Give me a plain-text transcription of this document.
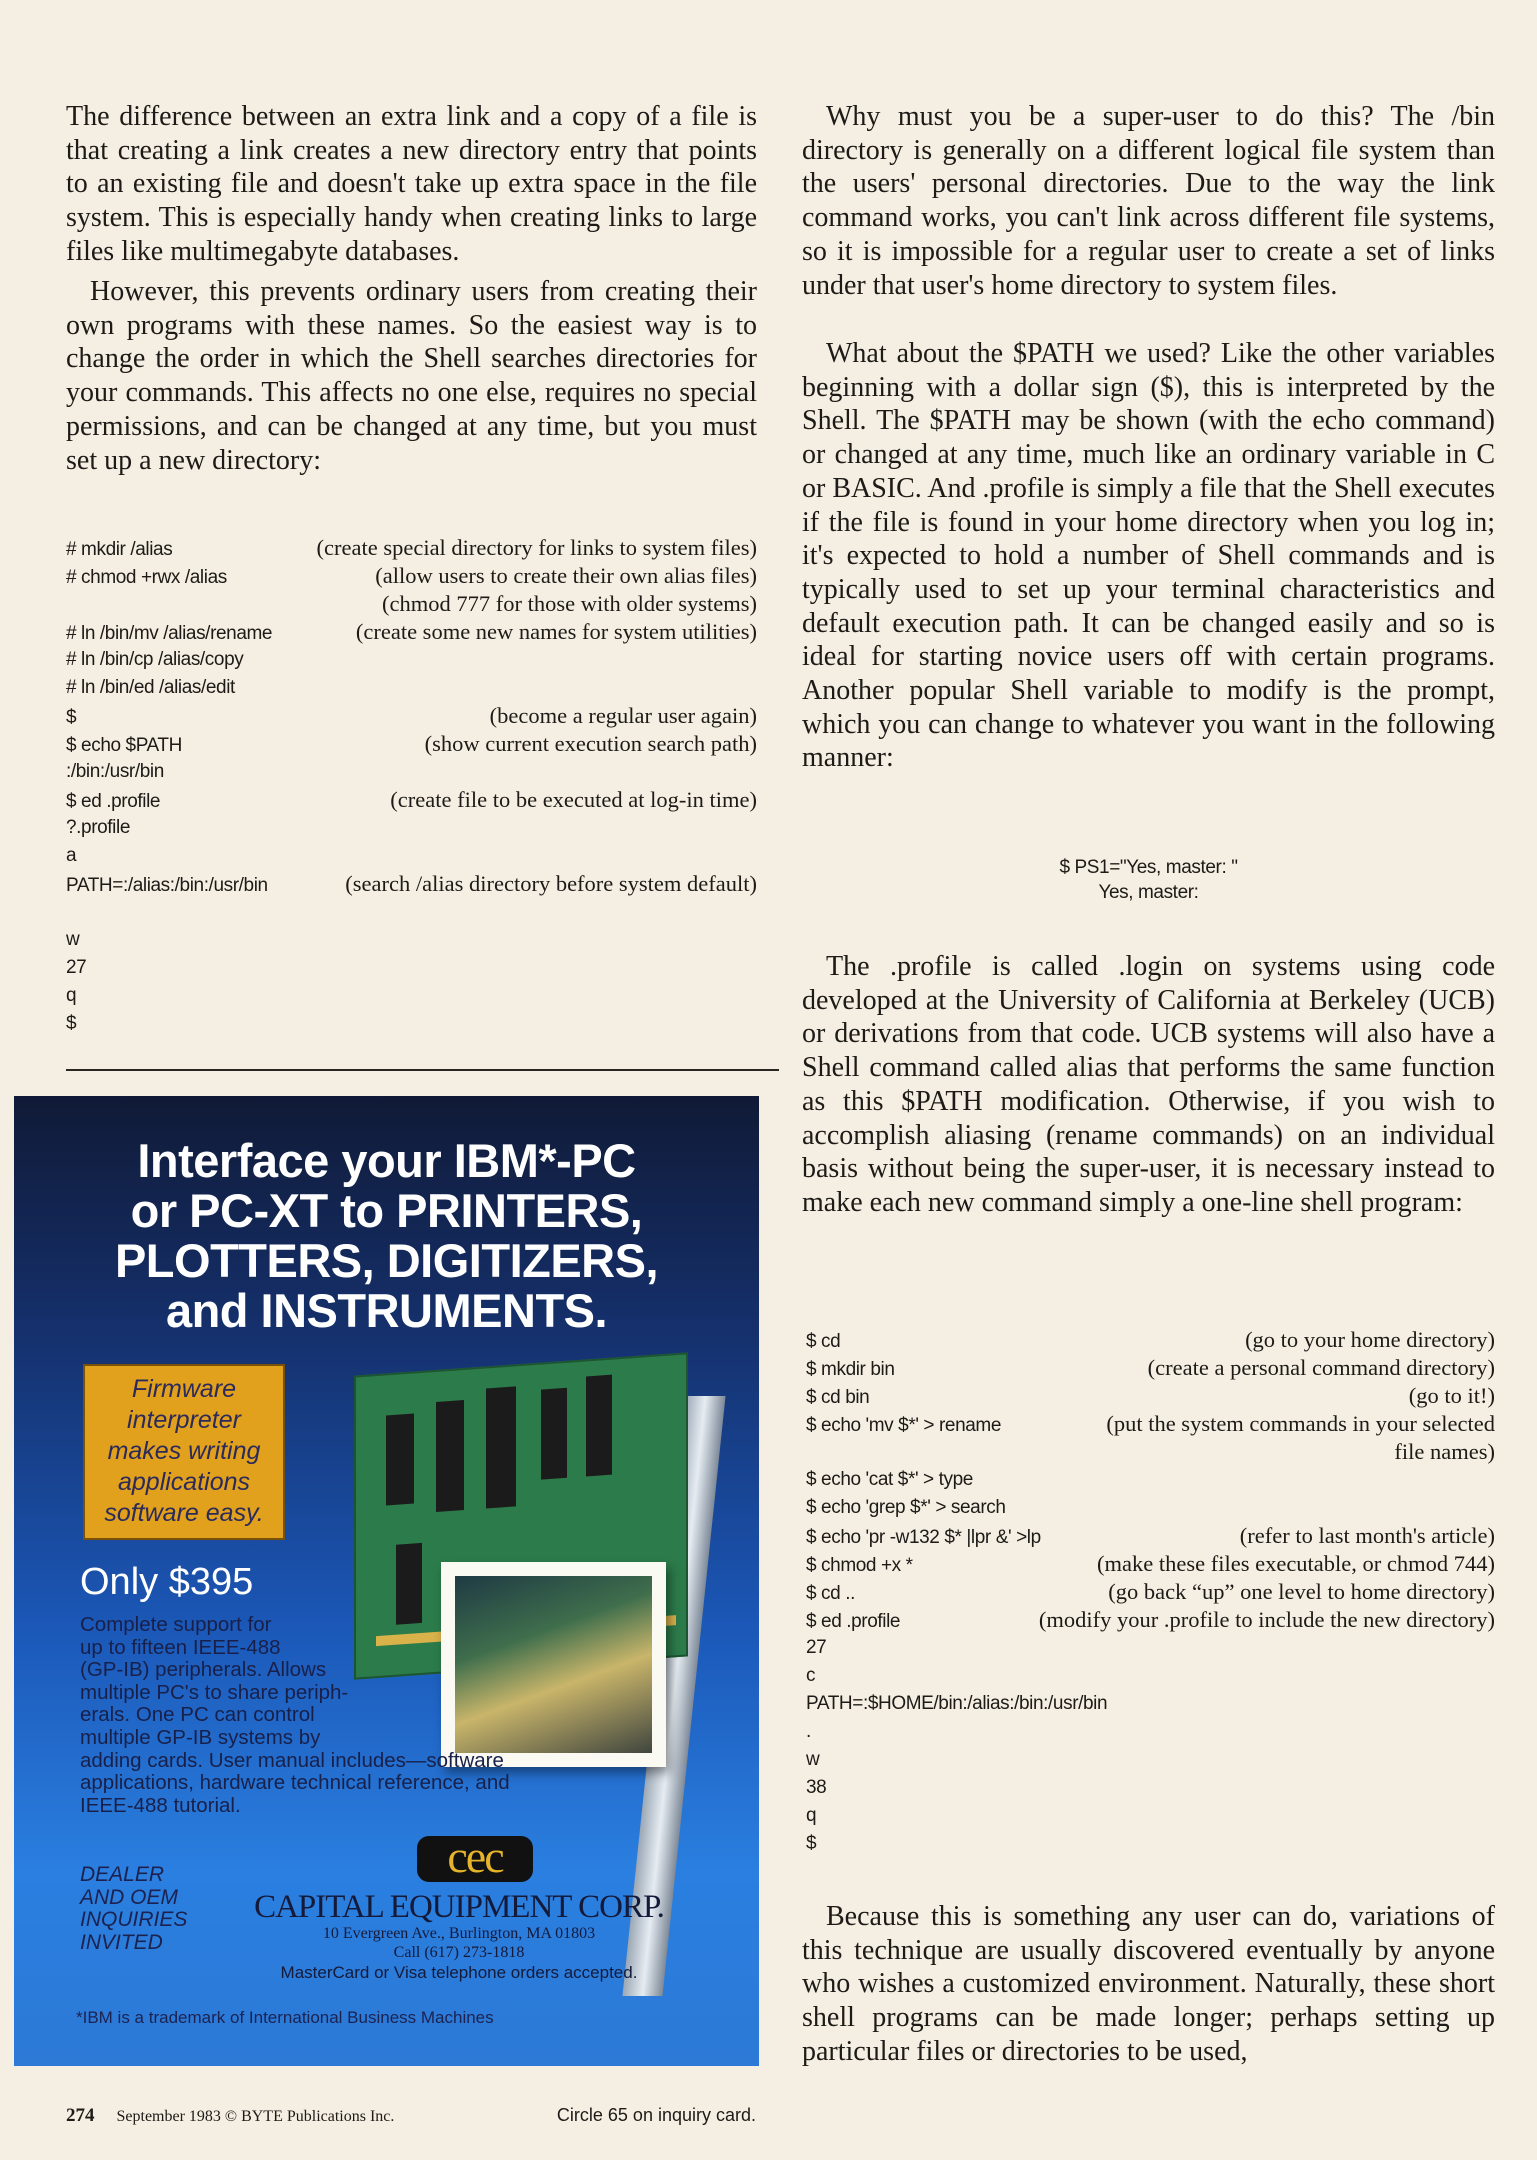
The difference between an extra link and a copy of a file is that creating a link creates a new directory entry that points to an existing file and doesn't take up extra space in the file system. This is especially handy when creating links to large files like multimegabyte databases.

However, this prevents ordinary users from creating their own programs with these names. So the easiest way is to change the order in which the Shell searches directories for your commands. This affects no one else, requires no special permissions, and can be changed at any time, but you must set up a new directory:

# mkdir /alias	(create special directory for links to system files)
# chmod +rwx /alias	(allow users to create their own alias files)
(chmod 777 for those with older systems)
# ln /bin/mv /alias/rename	(create some new names for system utilities)
# ln /bin/cp /alias/copy
# ln /bin/ed /alias/edit
$	(become a regular user again)
$ echo $PATH	(show current execution search path)
:/bin:/usr/bin
$ ed .profile	(create file to be executed at log-in time)
?.profile
a
PATH=:/alias:/bin:/usr/bin	(search /alias directory before system default)
w
27
q
$
Interface your IBM*-PC
or PC-XT to PRINTERS,
PLOTTERS, DIGITIZERS,
and INSTRUMENTS.
Firmware
interpreter
makes writing
applications
software easy.
Only $395
Complete support for
up to fifteen IEEE-488
(GP-IB) peripherals. Allows
multiple PC's to share periph-
erals. One PC can control
multiple GP-IB systems by
adding cards. User manual includes—software
applications, hardware technical reference, and
IEEE-488 tutorial.
DEALER
AND OEM
INQUIRIES
INVITED
cec
CAPITAL EQUIPMENT CORP.
10 Evergreen Ave., Burlington, MA 01803
Call (617) 273-1818
MasterCard or Visa telephone orders accepted.
*IBM is a trademark of International Business Machines

Why must you be a super-user to do this? The /bin directory is generally on a different logical file system than the users' personal directories. Due to the way the link command works, you can't link across different file systems, so it is impossible for a regular user to create a set of links under that user's home directory to system files.

What about the $PATH we used? Like the other variables beginning with a dollar sign ($), this is interpreted by the Shell. The $PATH may be shown (with the echo command) or changed at any time, much like an ordinary variable in C or BASIC. And .profile is simply a file that the Shell executes if the file is found in your home directory when you log in; it's expected to hold a number of Shell commands and is typically used to set up your terminal characteristics and default execution path. It can be changed easily and so is ideal for starting novice users off with certain programs. Another popular Shell variable to modify is the prompt, which you can change to whatever you want in the following manner:

$ PS1="Yes, master: "
Yes, master:

The .profile is called .login on systems using code developed at the University of California at Berkeley (UCB) or derivations from that code. UCB systems will also have a Shell command called alias that performs the same function as this $PATH modification. Otherwise, if you wish to accomplish aliasing (rename commands) on an individual basis without being the super-user, it is necessary instead to make each new command simply a one-line shell program:

$ cd	(go to your home directory)
$ mkdir bin	(create a personal command directory)
$ cd bin	(go to it!)
$ echo 'mv $*' > rename	(put the system commands in your selected
file names)
$ echo 'cat $*' > type
$ echo 'grep $*' > search
$ echo 'pr -w132 $* |lpr &' >lp	(refer to last month's article)
$ chmod +x *	(make these files executable, or chmod 744)
$ cd ..	(go back “up” one level to home directory)
$ ed .profile	(modify your .profile to include the new directory)
27
c
PATH=:$HOME/bin:/alias:/bin:/usr/bin
.
w
38
q
$

Because this is something any user can do, variations of this technique are usually discovered eventually by anyone who wishes a customized environment. Naturally, these short shell programs can be made longer; perhaps setting up particular files or directories to be used,

274 September 1983 © BYTE Publications Inc.	Circle 65 on inquiry card.
